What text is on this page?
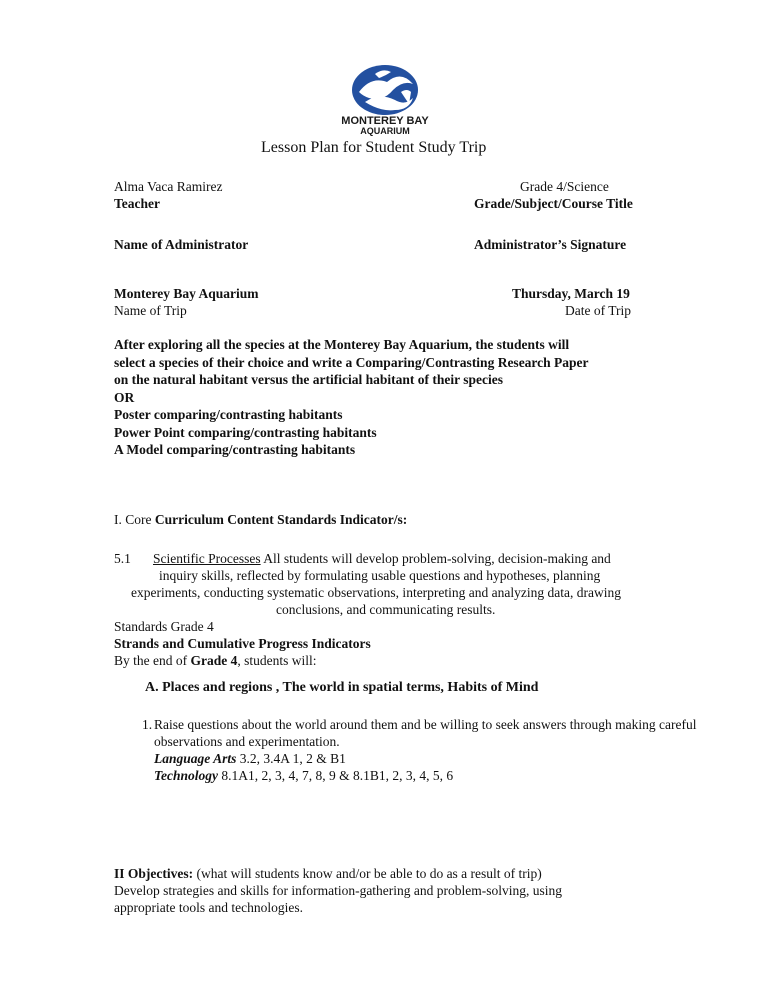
MONTEREY BAY
AQUARIUM
Lesson Plan for Student Study Trip
Alma Vaca Ramirez
Teacher
Grade 4/Science
Grade/Subject/Course Title
Name of Administrator	Administrator’s Signature
Monterey Bay Aquarium
Name of Trip
Thursday, March 19
Date of Trip
After exploring all the species at the Monterey Bay Aquarium, the students will
select a species of their choice and write a Comparing/Contrasting Research Paper
on the natural habitant versus the artificial habitant of their species
OR
Poster comparing/contrasting habitants
Power Point comparing/contrasting habitants
A Model comparing/contrasting habitants
I. Core Curriculum Content Standards Indicator/s:
5.1 Scientific Processes All students will develop problem-solving, decision-making and
inquiry skills, reflected by formulating usable questions and hypotheses, planning
experiments, conducting systematic observations, interpreting and analyzing data, drawing
conclusions, and communicating results.
Standards Grade 4
Strands and Cumulative Progress Indicators
By the end of Grade 4, students will:
A. Places and regions , The world in spatial terms, Habits of Mind
1. Raise questions about the world around them and be willing to seek answers through making careful
observations and experimentation.
Language Arts 3.2, 3.4A 1, 2 & B1
Technology 8.1A1, 2, 3, 4, 7, 8, 9 & 8.1B1, 2, 3, 4, 5, 6
II Objectives: (what will students know and/or be able to do as a result of trip)
Develop strategies and skills for information-gathering and problem-solving, using
appropriate tools and technologies.
